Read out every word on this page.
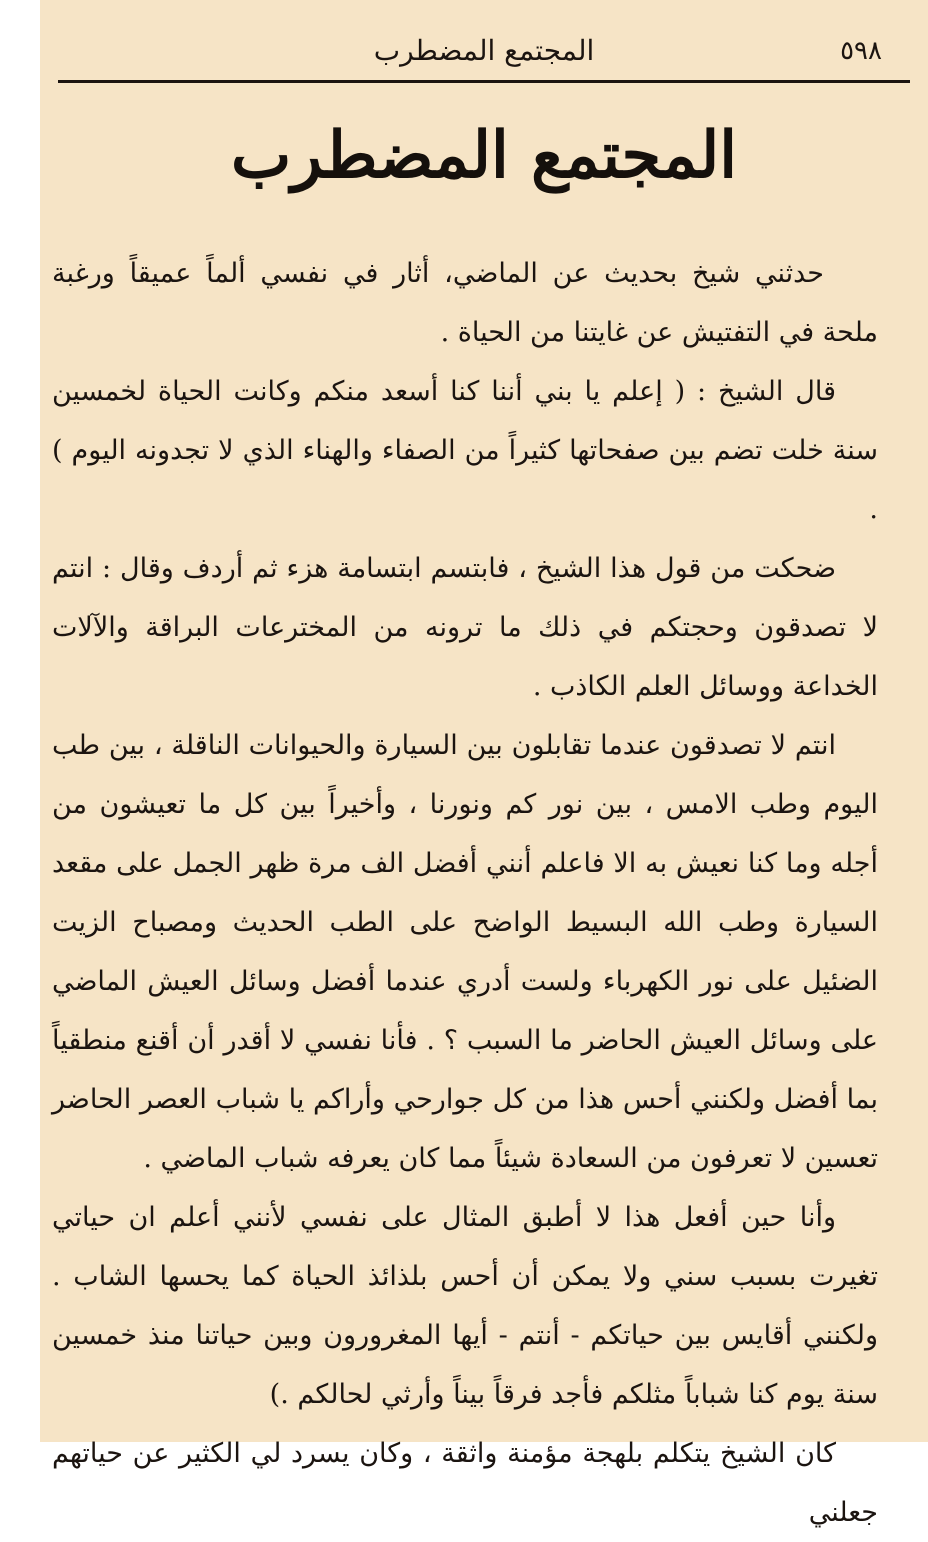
٥٩٨
المجتمع المضطرب
المجتمع المضطرب

حدثني شيخ بحديث عن الماضي، أثار في نفسي ألماً عميقاً ورغبة ملحة في التفتيش عن غايتنا من الحياة .

قال الشيخ : ( إعلم يا بني أننا كنا أسعد منكم وكانت الحياة لخمسين سنة خلت تضم بين صفحاتها كثيراً من الصفاء والهناء الذي لا تجدونه اليوم ) .

ضحكت من قول هذا الشيخ ، فابتسم ابتسامة هزء ثم أردف وقال : انتم لا تصدقون وحجتكم في ذلك ما ترونه من المخترعات البراقة والآلات الخداعة ووسائل العلم الكاذب .

انتم لا تصدقون عندما تقابلون بين السيارة والحيوانات الناقلة ، بين طب اليوم وطب الامس ، بين نور كم ونورنا ، وأخيراً بين كل ما تعيشون من أجله وما كنا نعيش به الا فاعلم أنني أفضل الف مرة ظهر الجمل على مقعد السيارة وطب الله البسيط الواضح على الطب الحديث ومصباح الزيت الضئيل على نور الكهرباء ولست أدري عندما أفضل وسائل العيش الماضي على وسائل العيش الحاضر ما السبب ؟ . فأنا نفسي لا أقدر أن أقنع منطقياً بما أفضل ولكنني أحس هذا من كل جوارحي وأراكم يا شباب العصر الحاضر تعسين لا تعرفون من السعادة شيئاً مما كان يعرفه شباب الماضي .

وأنا حين أفعل هذا لا أطبق المثال على نفسي لأنني أعلم ان حياتي تغيرت بسبب سني ولا يمكن أن أحس بلذائذ الحياة كما يحسها الشاب . ولكنني أقايس بين حياتكم - أنتم - أيها المغرورون وبين حياتنا منذ خمسين سنة يوم كنا شباباً مثلكم فأجد فرقاً بيناً وأرثي لحالكم .)

كان الشيخ يتكلم بلهجة مؤمنة واثقة ، وكان يسرد لي الكثير عن حياتهم جعلني
